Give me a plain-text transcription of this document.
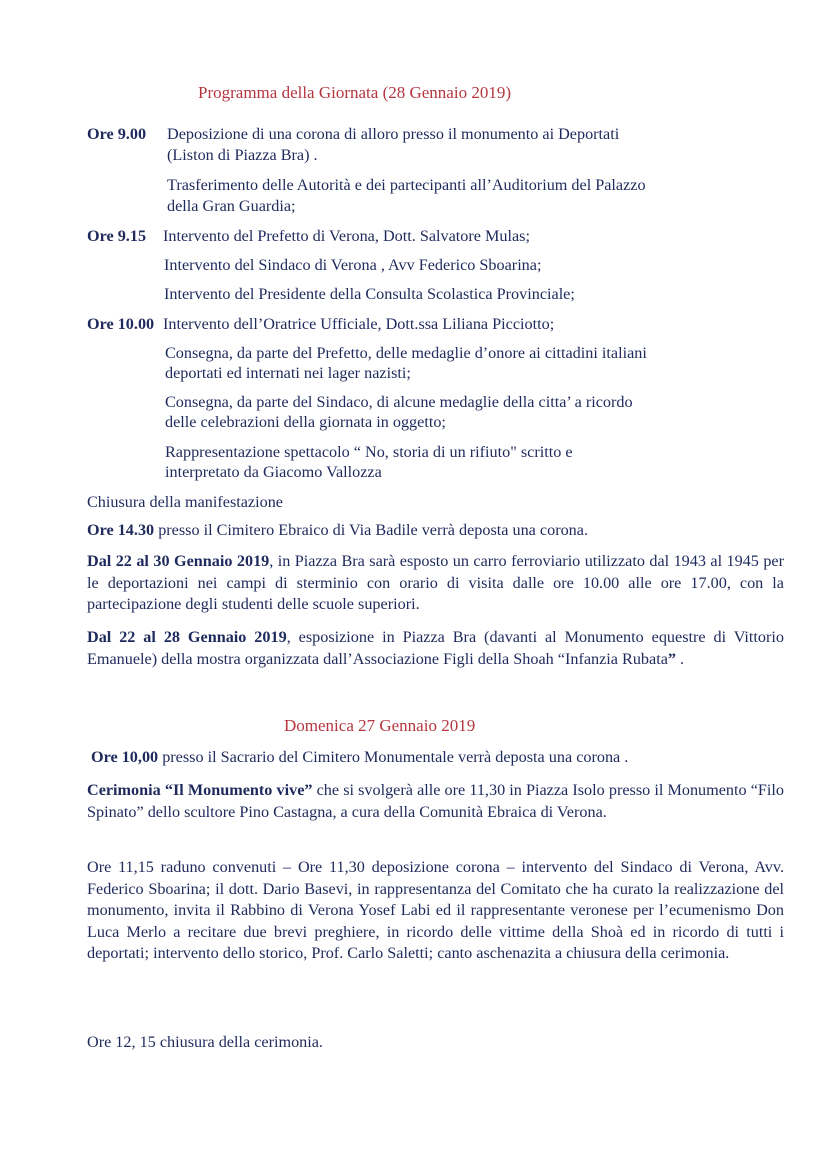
Programma della Giornata (28 Gennaio 2019)
Ore 9.00 Deposizione di una corona di alloro presso il monumento ai Deportati
(Liston di Piazza Bra) .
Trasferimento delle Autorità e dei partecipanti all’Auditorium del Palazzo
della Gran Guardia;
Ore 9.15 Intervento del Prefetto di Verona, Dott. Salvatore Mulas;
Intervento del Sindaco di Verona , Avv Federico Sboarina;
Intervento del Presidente della Consulta Scolastica Provinciale;
Ore 10.00 Intervento dell’Oratrice Ufficiale, Dott.ssa Liliana Picciotto;
Consegna, da parte del Prefetto, delle medaglie d’onore ai cittadini italiani
deportati ed internati nei lager nazisti;
Consegna, da parte del Sindaco, di alcune medaglie della citta’ a ricordo
delle celebrazioni della giornata in oggetto;
Rappresentazione spettacolo “ No, storia di un rifiuto" scritto e
interpretato da Giacomo Vallozza
Chiusura della manifestazione
Ore 14.30 presso il Cimitero Ebraico di Via Badile verrà deposta una corona.
Dal 22 al 30 Gennaio 2019, in Piazza Bra sarà esposto un carro ferroviario utilizzato dal 1943 al 1945 per le deportazioni nei campi di sterminio con orario di visita dalle ore 10.00 alle ore 17.00, con la partecipazione degli studenti delle scuole superiori.
Dal 22 al 28 Gennaio 2019, esposizione in Piazza Bra (davanti al Monumento equestre di Vittorio Emanuele) della mostra organizzata dall’Associazione Figli della Shoah “Infanzia Rubata” .
Domenica 27 Gennaio 2019
Ore 10,00 presso il Sacrario del Cimitero Monumentale verrà deposta una corona .
Cerimonia “Il Monumento vive” che si svolgerà alle ore 11,30 in Piazza Isolo presso il Monumento “Filo Spinato” dello scultore Pino Castagna, a cura della Comunità Ebraica di Verona.
Ore 11,15 raduno convenuti – Ore 11,30 deposizione corona – intervento del Sindaco di Verona, Avv. Federico Sboarina; il dott. Dario Basevi, in rappresentanza del Comitato che ha curato la realizzazione del monumento, invita il Rabbino di Verona Yosef Labi ed il rappresentante veronese per l’ecumenismo Don Luca Merlo a recitare due brevi preghiere, in ricordo delle vittime della Shoà ed in ricordo di tutti i deportati; intervento dello storico, Prof. Carlo Saletti; canto aschenazita a chiusura della cerimonia.
Ore 12, 15 chiusura della cerimonia.
